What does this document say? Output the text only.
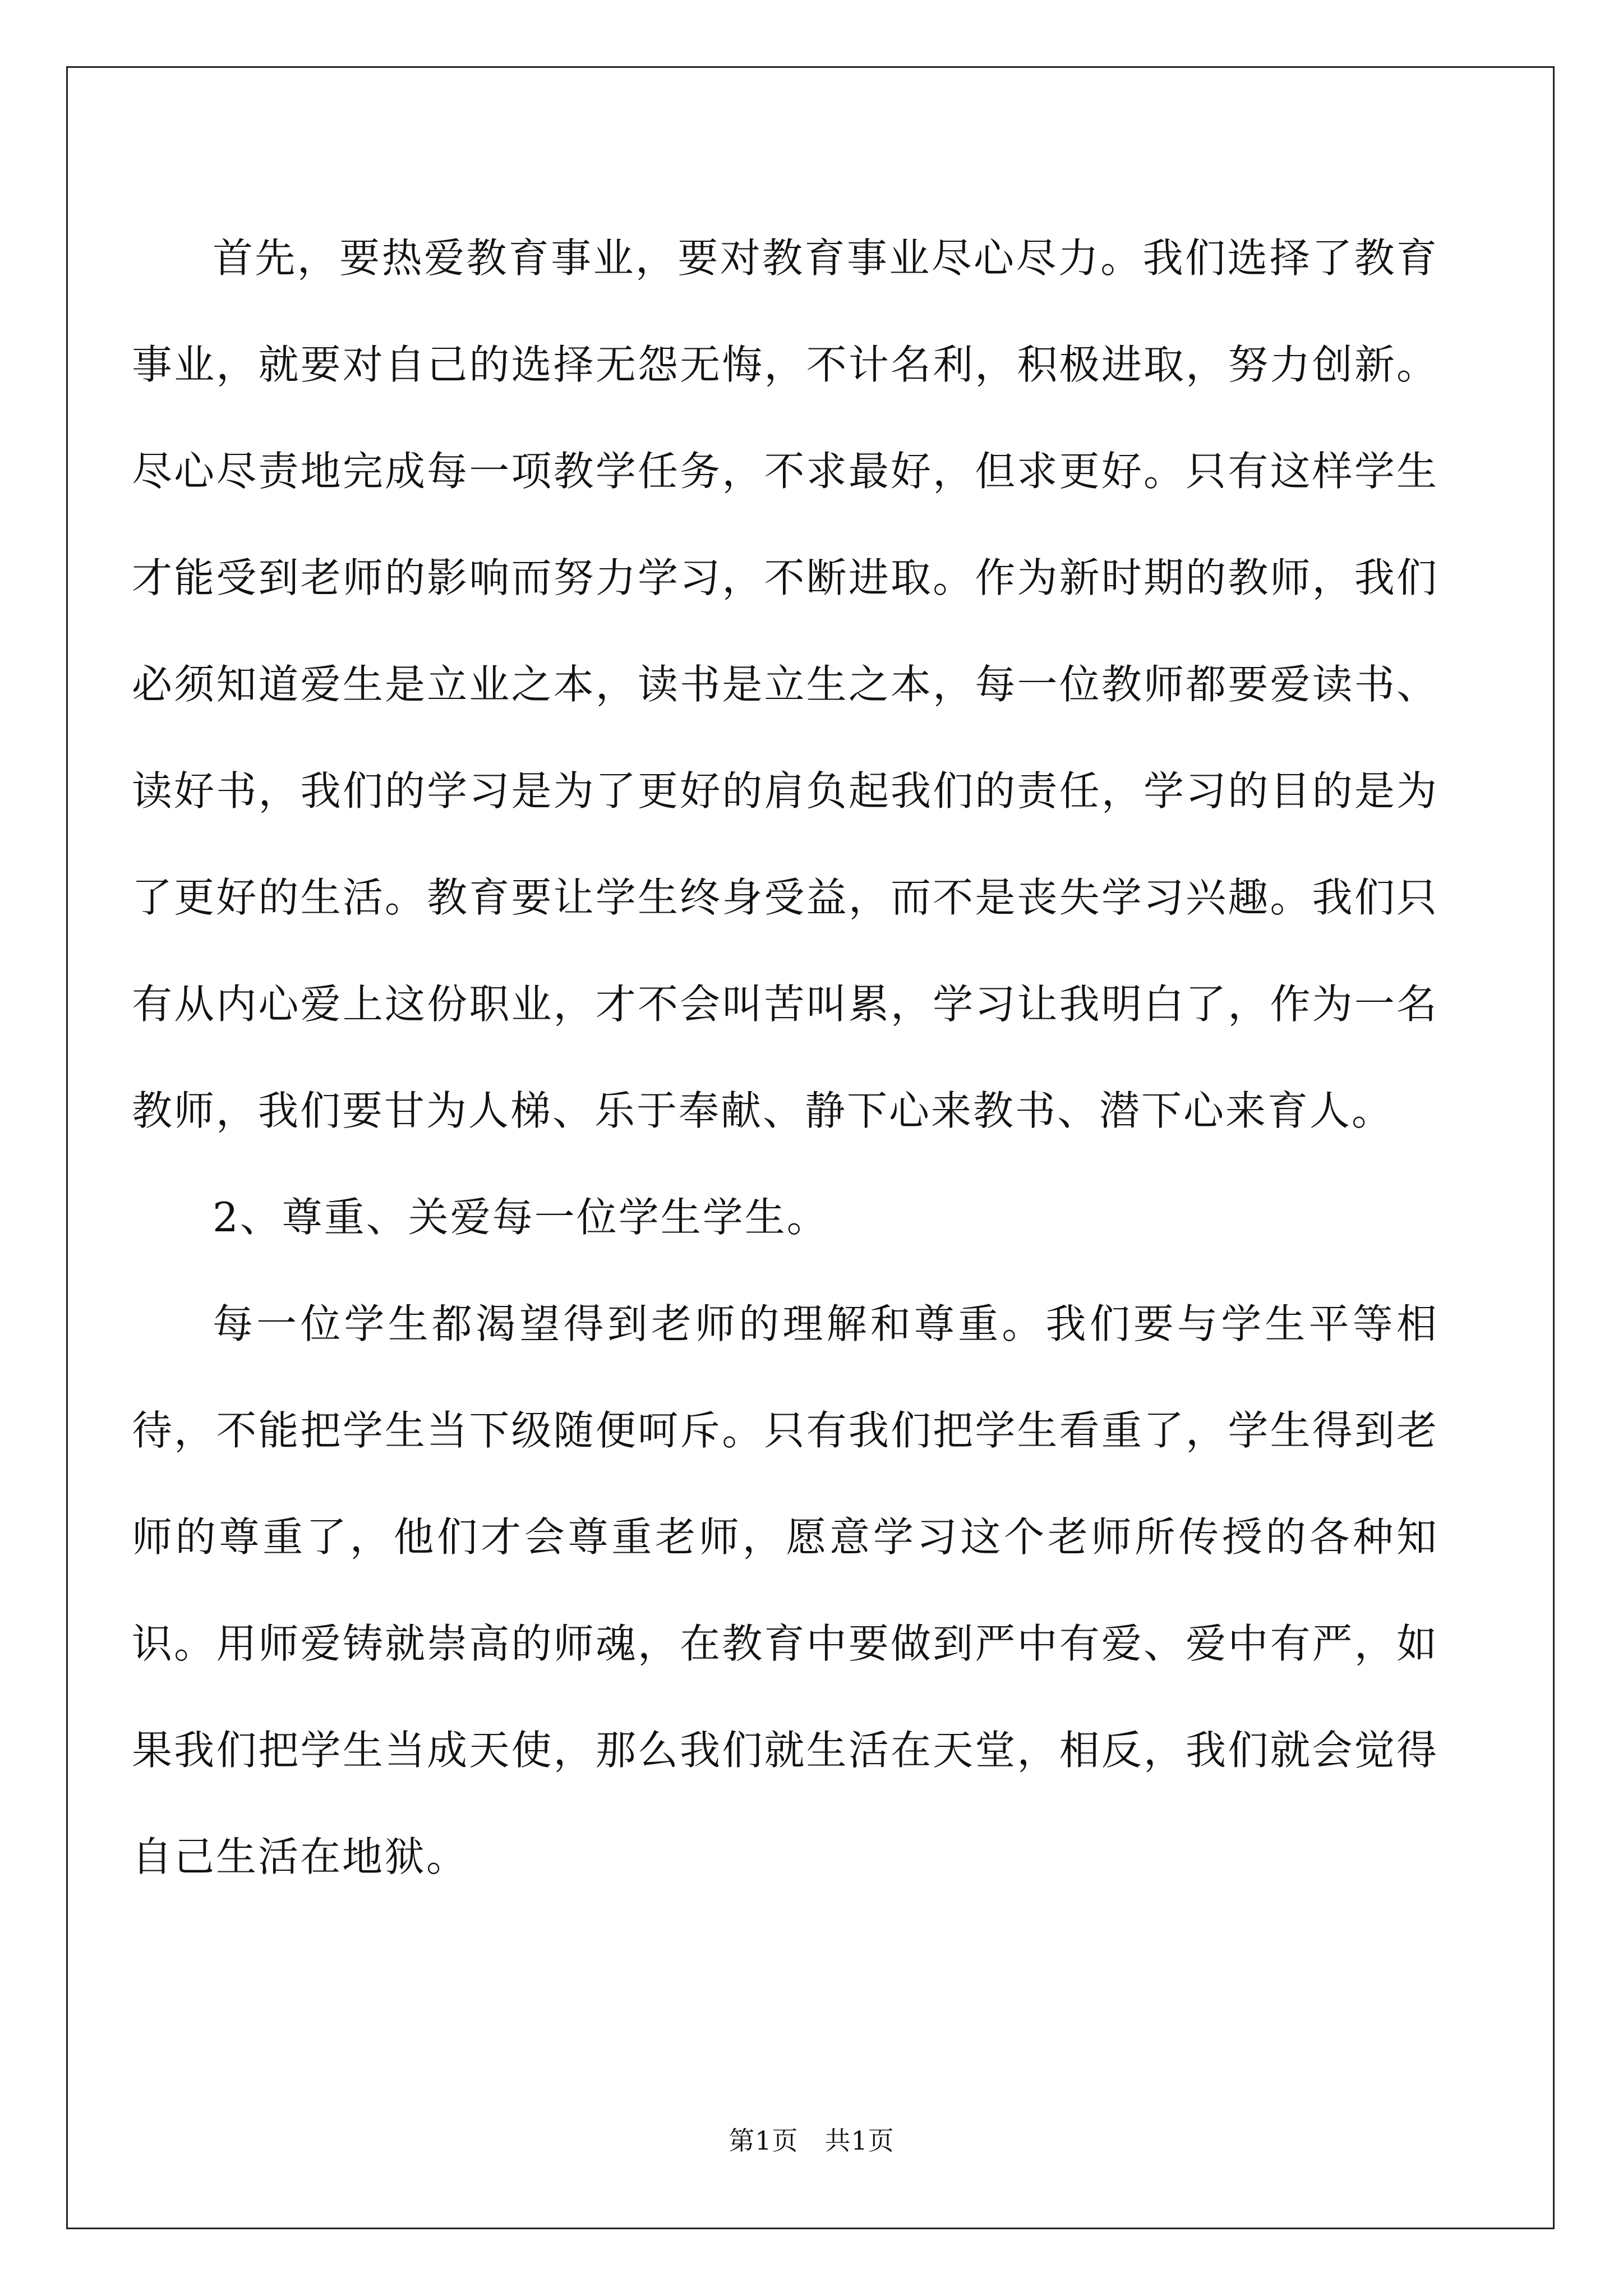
首先，要热爱教育事业，要对教育事业尽心尽力。我们选择了教育事业，就要对自己的选择无怨无悔，不计名利，积极进取，努力创新。尽心尽责地完成每一项教学任务，不求最好，但求更好。只有这样学生才能受到老师的影响而努力学习，不断进取。作为新时期的教师，我们必须知道爱生是立业之本，读书是立生之本，每一位教师都要爱读书、读好书，我们的学习是为了更好的肩负起我们的责任，学习的目的是为了更好的生活。教育要让学生终身受益，而不是丧失学习兴趣。我们只有从内心爱上这份职业，才不会叫苦叫累，学习让我明白了，作为一名教师，我们要甘为人梯、乐于奉献、静下心来教书、潜下心来育人。

2、尊重、关爱每一位学生学生。

每一位学生都渴望得到老师的理解和尊重。我们要与学生平等相待，不能把学生当下级随便呵斥。只有我们把学生看重了，学生得到老师的尊重了，他们才会尊重老师，愿意学习这个老师所传授的各种知识。用师爱铸就崇高的师魂，在教育中要做到严中有爱、爱中有严，如果我们把学生当成天使，那么我们就生活在天堂，相反，我们就会觉得自己生活在地狱。

第1页 共1页
